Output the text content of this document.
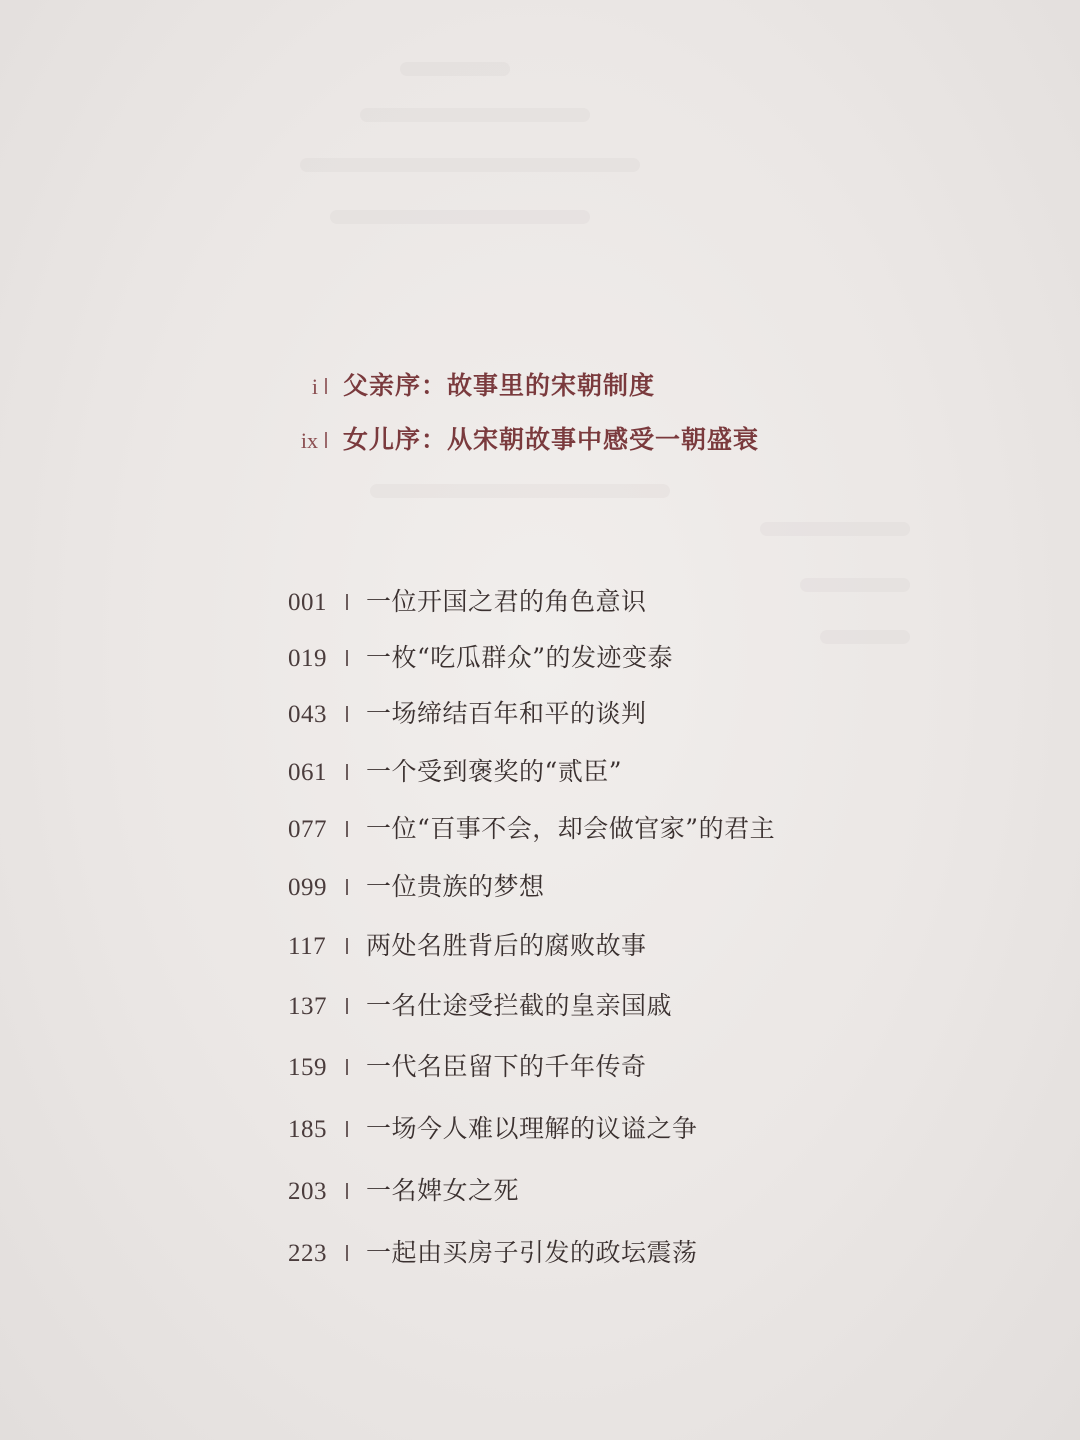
i 父亲序：故事里的宋朝制度
ix 女儿序：从宋朝故事中感受一朝盛衰
001 一位开国之君的角色意识
019 一枚“吃瓜群众”的发迹变泰
043 一场缔结百年和平的谈判
061 一个受到褒奖的“贰臣”
077 一位“百事不会，却会做官家”的君主
099 一位贵族的梦想
117 两处名胜背后的腐败故事
137 一名仕途受拦截的皇亲国戚
159 一代名臣留下的千年传奇
185 一场今人难以理解的议谥之争
203 一名婢女之死
223 一起由买房子引发的政坛震荡
